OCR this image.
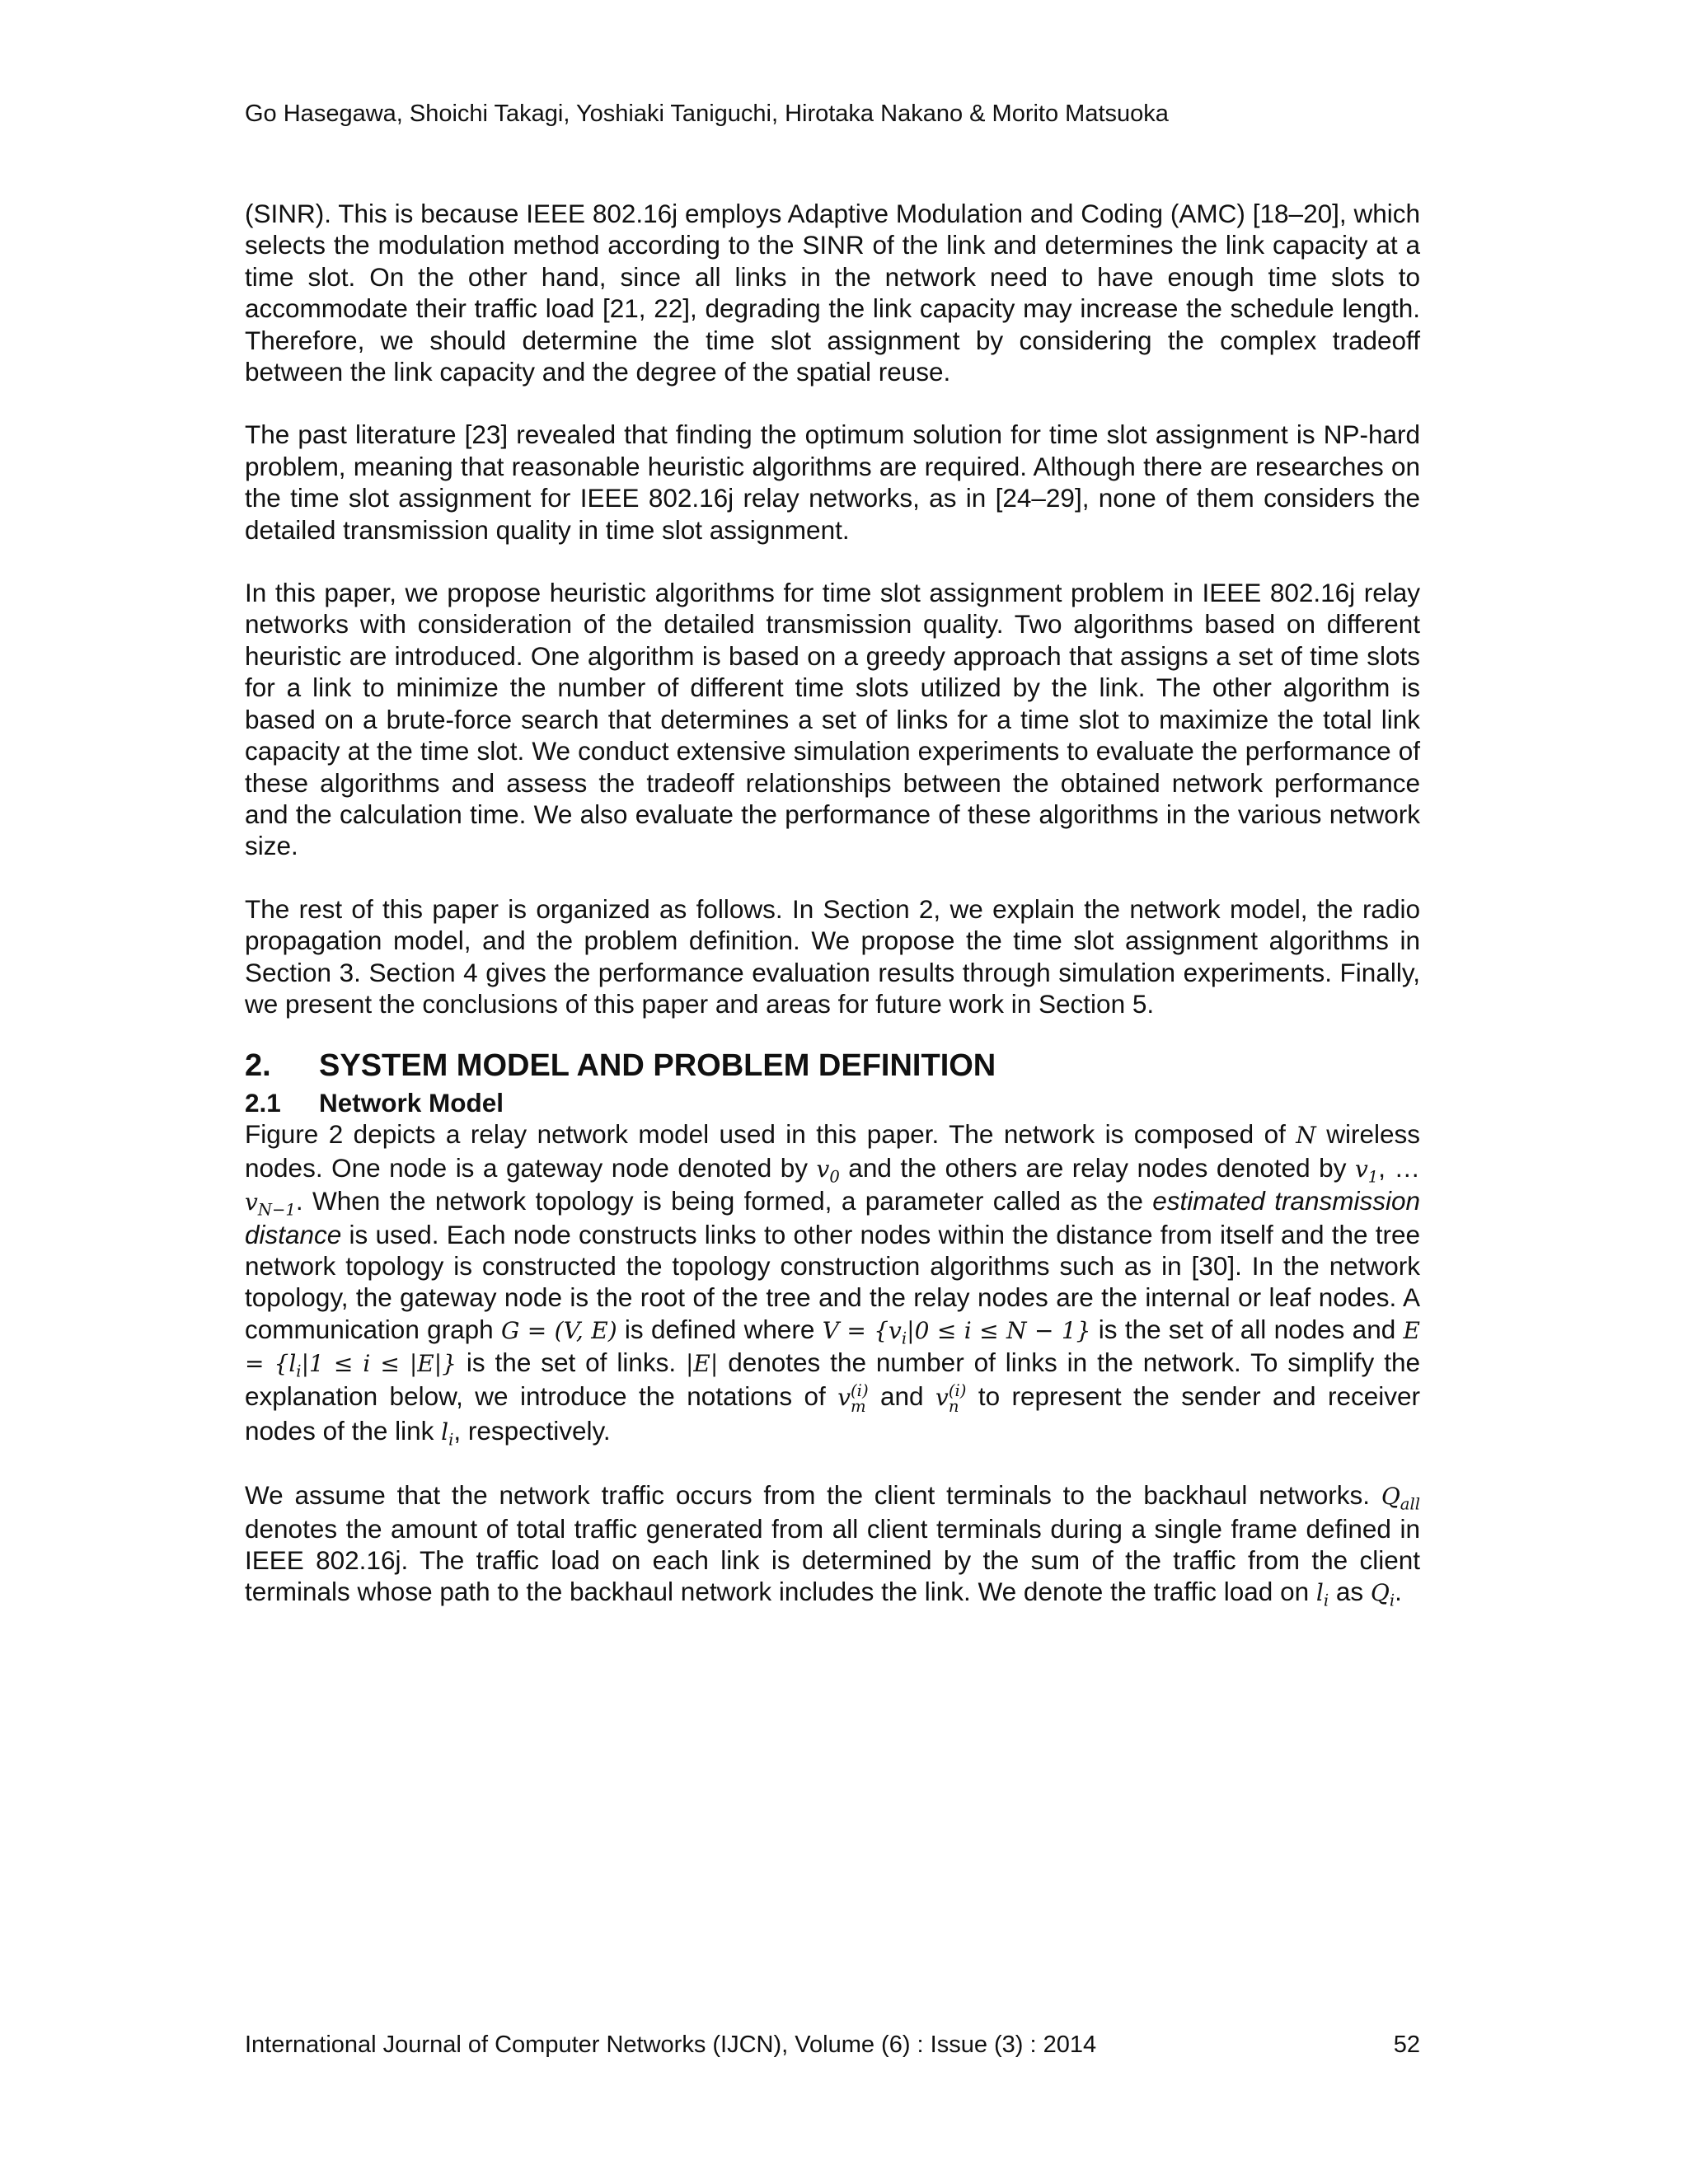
Go Hasegawa, Shoichi Takagi, Yoshiaki Taniguchi, Hirotaka Nakano & Morito Matsuoka

(SINR). This is because IEEE 802.16j employs Adaptive Modulation and Coding (AMC) [18–20], which selects the modulation method according to the SINR of the link and determines the link capacity at a time slot. On the other hand, since all links in the network need to have enough time slots to accommodate their traffic load [21, 22], degrading the link capacity may increase the schedule length. Therefore, we should determine the time slot assignment by considering the complex tradeoff between the link capacity and the degree of the spatial reuse.

The past literature [23] revealed that finding the optimum solution for time slot assignment is NP-hard problem, meaning that reasonable heuristic algorithms are required. Although there are researches on the time slot assignment for IEEE 802.16j relay networks, as in [24–29], none of them considers the detailed transmission quality in time slot assignment.

In this paper, we propose heuristic algorithms for time slot assignment problem in IEEE 802.16j relay networks with consideration of the detailed transmission quality. Two algorithms based on different heuristic are introduced. One algorithm is based on a greedy approach that assigns a set of time slots for a link to minimize the number of different time slots utilized by the link. The other algorithm is based on a brute-force search that determines a set of links for a time slot to maximize the total link capacity at the time slot. We conduct extensive simulation experiments to evaluate the performance of these algorithms and assess the tradeoff relationships between the obtained network performance and the calculation time. We also evaluate the performance of these algorithms in the various network size.

The rest of this paper is organized as follows. In Section 2, we explain the network model, the radio propagation model, and the problem definition. We propose the time slot assignment algorithms in Section 3. Section 4 gives the performance evaluation results through simulation experiments. Finally, we present the conclusions of this paper and areas for future work in Section 5.

2.	SYSTEM MODEL AND PROBLEM DEFINITION
2.1	Network Model

Figure 2 depicts a relay network model used in this paper. The network is composed of N wireless nodes. One node is a gateway node denoted by $v_0$ and the others are relay nodes denoted by $v_1$, … $v_{N-1}$. When the network topology is being formed, a parameter called as the estimated transmission distance is used. Each node constructs links to other nodes within the distance from itself and the tree network topology is constructed the topology construction algorithms such as in [30]. In the network topology, the gateway node is the root of the tree and the relay nodes are the internal or leaf nodes. A communication graph G = (V, E) is defined where $V = \{v_i|0 \le i \le N - 1\}$ is the set of all nodes and $E = \{l_i|1 \le i \le |E|\}$ is the set of links. |E| denotes the number of links in the network. To simplify the explanation below, we introduce the notations of v (i)
m and v (i)
n to represent the sender and receiver nodes of the link $l_i$, respectively.

We assume that the network traffic occurs from the client terminals to the backhaul networks. $Q_{all}$ denotes the amount of total traffic generated from all client terminals during a single frame defined in IEEE 802.16j. The traffic load on each link is determined by the sum of the traffic from the client terminals whose path to the backhaul network includes the link. We denote the traffic load on $l_i$ as $Q_i$.

International Journal of Computer Networks (IJCN), Volume (6) : Issue (3) : 2014	52
